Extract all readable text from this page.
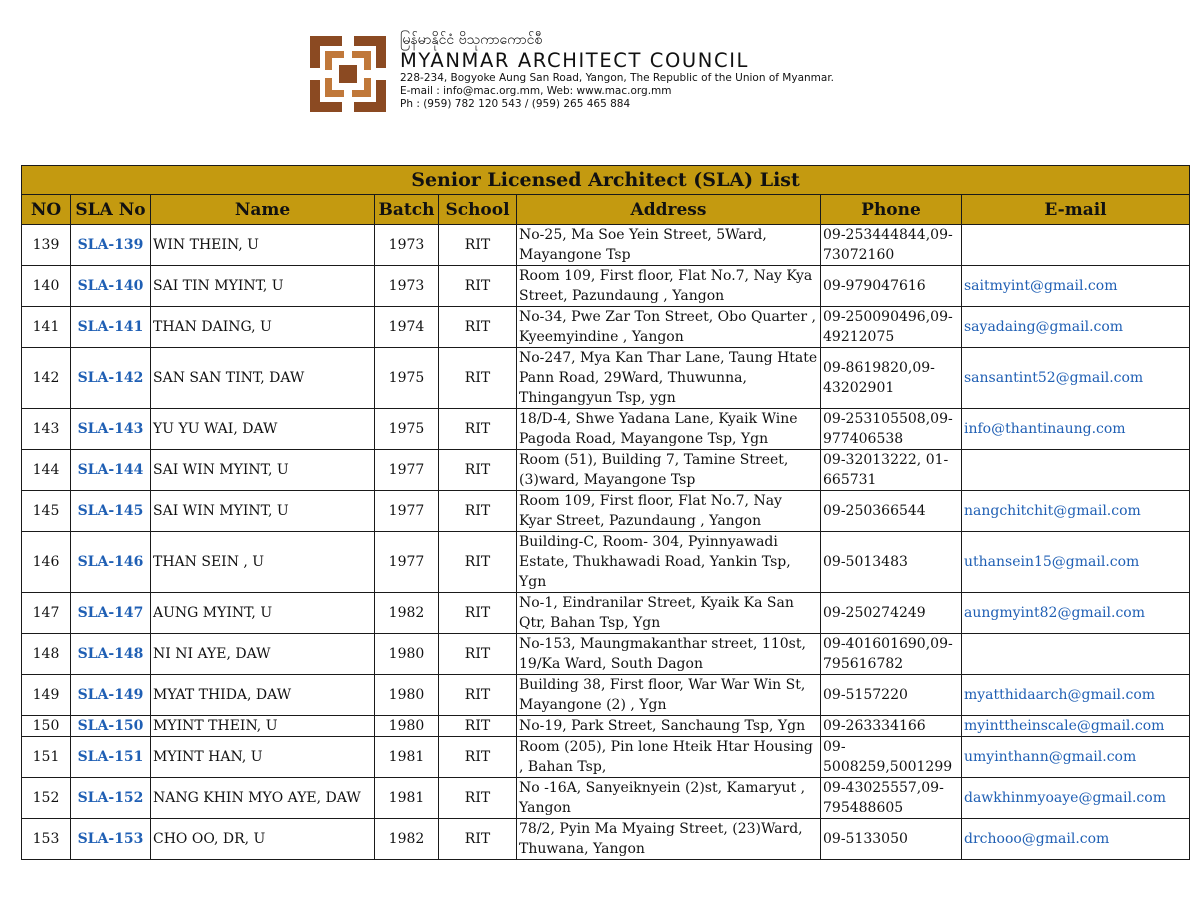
မြန်မာနိုင်ငံ ဗိသုကာကောင်စီ
MYANMAR ARCHITECT COUNCIL
228-234, Bogyoke Aung San Road, Yangon, The Republic of the Union of Myanmar.
E-mail : info@mac.org.mm, Web: www.mac.org.mm
Ph : (959) 782 120 543 / (959) 265 465 884
Senior Licensed Architect (SLA) List							
NO	SLA No	Name	Batch	School	Address	Phone	E-mail
139	SLA-139	WIN THEIN, U	1973	RIT	No-25, Ma Soe Yein Street, 5Ward, Mayangone Tsp	09-253444844,09-73072160	
140	SLA-140	SAI TIN MYINT, U	1973	RIT	Room 109, First floor, Flat No.7, Nay Kya Street, Pazundaung , Yangon	09-979047616	saitmyint@gmail.com
141	SLA-141	THAN DAING, U	1974	RIT	No-34, Pwe Zar Ton Street, Obo Quarter , Kyeemyindine , Yangon	09-250090496,09-49212075	sayadaing@gmail.com
142	SLA-142	SAN SAN TINT, DAW	1975	RIT	No-247, Mya Kan Thar Lane, Taung Htate Pann Road, 29Ward, Thuwunna, Thingangyun Tsp, ygn	09-8619820,09-43202901	sansantint52@gmail.com
143	SLA-143	YU YU WAI, DAW	1975	RIT	18/D-4, Shwe Yadana Lane, Kyaik Wine Pagoda Road, Mayangone Tsp, Ygn	09-253105508,09-977406538	info@thantinaung.com
144	SLA-144	SAI WIN MYINT, U	1977	RIT	Room (51), Building 7, Tamine Street, (3)ward, Mayangone Tsp	09-32013222, 01-665731	
145	SLA-145	SAI WIN MYINT, U	1977	RIT	Room 109, First floor, Flat No.7, Nay Kyar Street, Pazundaung , Yangon	09-250366544	nangchitchit@gmail.com
146	SLA-146	THAN SEIN , U	1977	RIT	Building-C, Room- 304, Pyinnyawadi Estate, Thukhawadi Road, Yankin Tsp, Ygn	09-5013483	uthansein15@gmail.com
147	SLA-147	AUNG MYINT, U	1982	RIT	No-1, Eindranilar Street, Kyaik Ka San Qtr, Bahan Tsp, Ygn	09-250274249	aungmyint82@gmail.com
148	SLA-148	NI NI AYE, DAW	1980	RIT	No-153, Maungmakanthar street, 110st, 19/Ka Ward, South Dagon	09-401601690,09-795616782	
149	SLA-149	MYAT THIDA, DAW	1980	RIT	Building 38, First floor, War War Win St, Mayangone (2) , Ygn	09-5157220	myatthidaarch@gmail.com
150	SLA-150	MYINT THEIN, U	1980	RIT	No-19, Park Street, Sanchaung Tsp, Ygn	09-263334166	myinttheinscale@gmail.com
151	SLA-151	MYINT HAN, U	1981	RIT	Room (205), Pin lone Hteik Htar Housing , Bahan Tsp,	09-5008259,5001299	umyinthann@gmail.com
152	SLA-152	NANG KHIN MYO AYE, DAW	1981	RIT	No -16A, Sanyeiknyein (2)st, Kamaryut , Yangon	09-43025557,09-795488605	dawkhinmyoaye@gmail.com
153	SLA-153	CHO OO, DR, U	1982	RIT	78/2, Pyin Ma Myaing Street, (23)Ward, Thuwana, Yangon	09-5133050	drchooo@gmail.com
